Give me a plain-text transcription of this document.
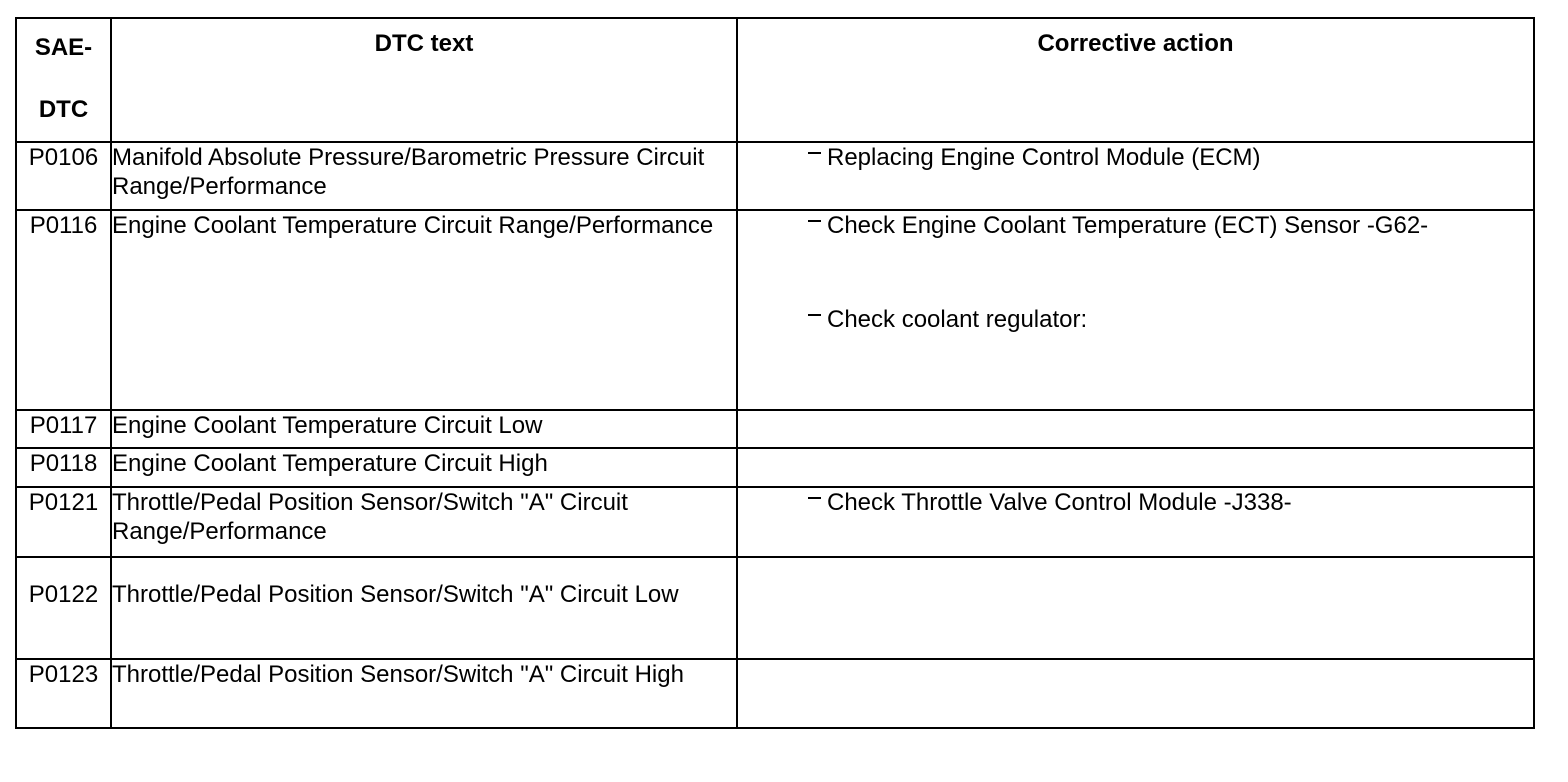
SAE-
DTC	DTC text	Corrective action

P0106	Manifold Absolute Pressure/Barometric Pressure Circuit Range/Performance	Replacing Engine Control Module (ECM)

P0116	Engine Coolant Temperature Circuit Range/Performance	Check Engine Coolant Temperature (ECT) Sensor -G62-
Check coolant regulator:

P0117	Engine Coolant Temperature Circuit Low	
P0118	Engine Coolant Temperature Circuit High	
P0121	Throttle/Pedal Position Sensor/Switch "A" Circuit Range/Performance	Check Throttle Valve Control Module -J338-

P0122	Throttle/Pedal Position Sensor/Switch "A" Circuit Low	
P0123	Throttle/Pedal Position Sensor/Switch "A" Circuit High	
